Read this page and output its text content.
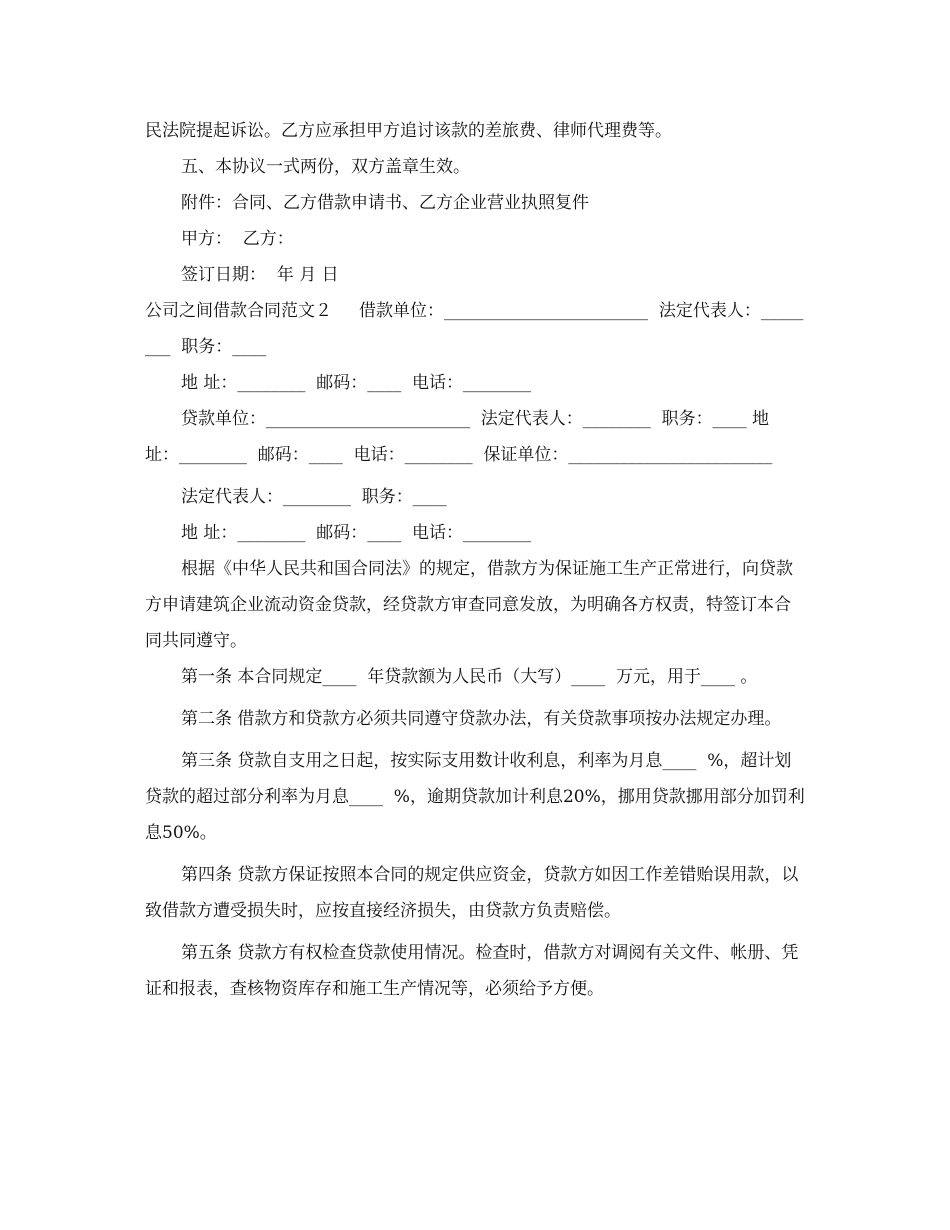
民法院提起诉讼。乙方应承担甲方追讨该款的差旅费、律师代理费等。

五、本协议一式两份，双方盖章生效。

附件：合同、乙方借款申请书、乙方企业营业执照复件

甲方：  乙方：

签订日期：  年 月 日

公司之间借款合同范文２     借款单位：________________________  法定代表人：________  职务：____

地 址：________  邮码：____  电话：________

贷款单位：________________________  法定代表人：________  职务：____ 地 址：________  邮码：____  电话：________  保证单位：________________________

法定代表人：________  职务：____

地 址：________  邮码：____  电话：________

根据《中华人民共和国合同法》的规定，借款方为保证施工生产正常进行，向贷款方申请建筑企业流动资金贷款，经贷款方审查同意发放，为明确各方权责，特签订本合同共同遵守。

第一条 本合同规定____  年贷款额为人民币（大写）____  万元，用于____ 。

第二条 借款方和贷款方必须共同遵守贷款办法，有关贷款事项按办法规定办理。

第三条 贷款自支用之日起，按实际支用数计收利息，利率为月息____  %，超计划贷款的超过部分利率为月息____  %，逾期贷款加计利息20%，挪用贷款挪用部分加罚利息50%。

第四条 贷款方保证按照本合同的规定供应资金，贷款方如因工作差错贻误用款，以致借款方遭受损失时，应按直接经济损失，由贷款方负责赔偿。

第五条 贷款方有权检查贷款使用情况。检查时，借款方对调阅有关文件、帐册、凭证和报表，查核物资库存和施工生产情况等，必须给予方便。
